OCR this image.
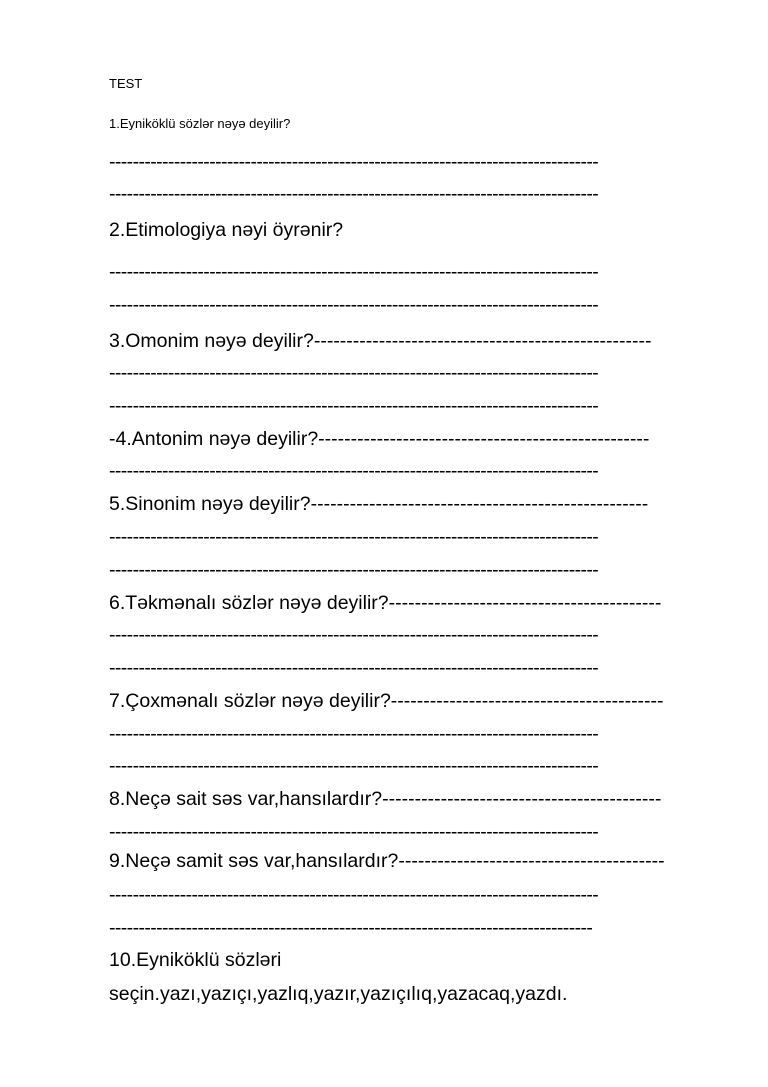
TEST
1.Eyniköklü sözlər nəyə deyilir?
-----------------------------------------------------------------------------------
-----------------------------------------------------------------------------------
2.Etimologiya nəyi öyrənir?
-----------------------------------------------------------------------------------
-----------------------------------------------------------------------------------
3.Omonim nəyə deyilir?----------------------------------------------------
-----------------------------------------------------------------------------------
-----------------------------------------------------------------------------------
-4.Antonim nəyə deyilir?---------------------------------------------------
-----------------------------------------------------------------------------------
5.Sinonim nəyə deyilir?----------------------------------------------------
-----------------------------------------------------------------------------------
-----------------------------------------------------------------------------------
6.Təkmənalı sözlər nəyə deyilir?------------------------------------------
-----------------------------------------------------------------------------------
-----------------------------------------------------------------------------------
7.Çoxmənalı sözlər nəyə deyilir?------------------------------------------
-----------------------------------------------------------------------------------
-----------------------------------------------------------------------------------
8.Neçə sait səs var,hansılardır?-------------------------------------------
-----------------------------------------------------------------------------------
9.Neçə samit səs var,hansılardır?-----------------------------------------
-----------------------------------------------------------------------------------
----------------------------------------------------------------------------------
10.Eyniköklü sözləri
seçin.yazı,yazıçı,yazlıq,yazır,yazıçılıq,yazacaq,yazdı.
